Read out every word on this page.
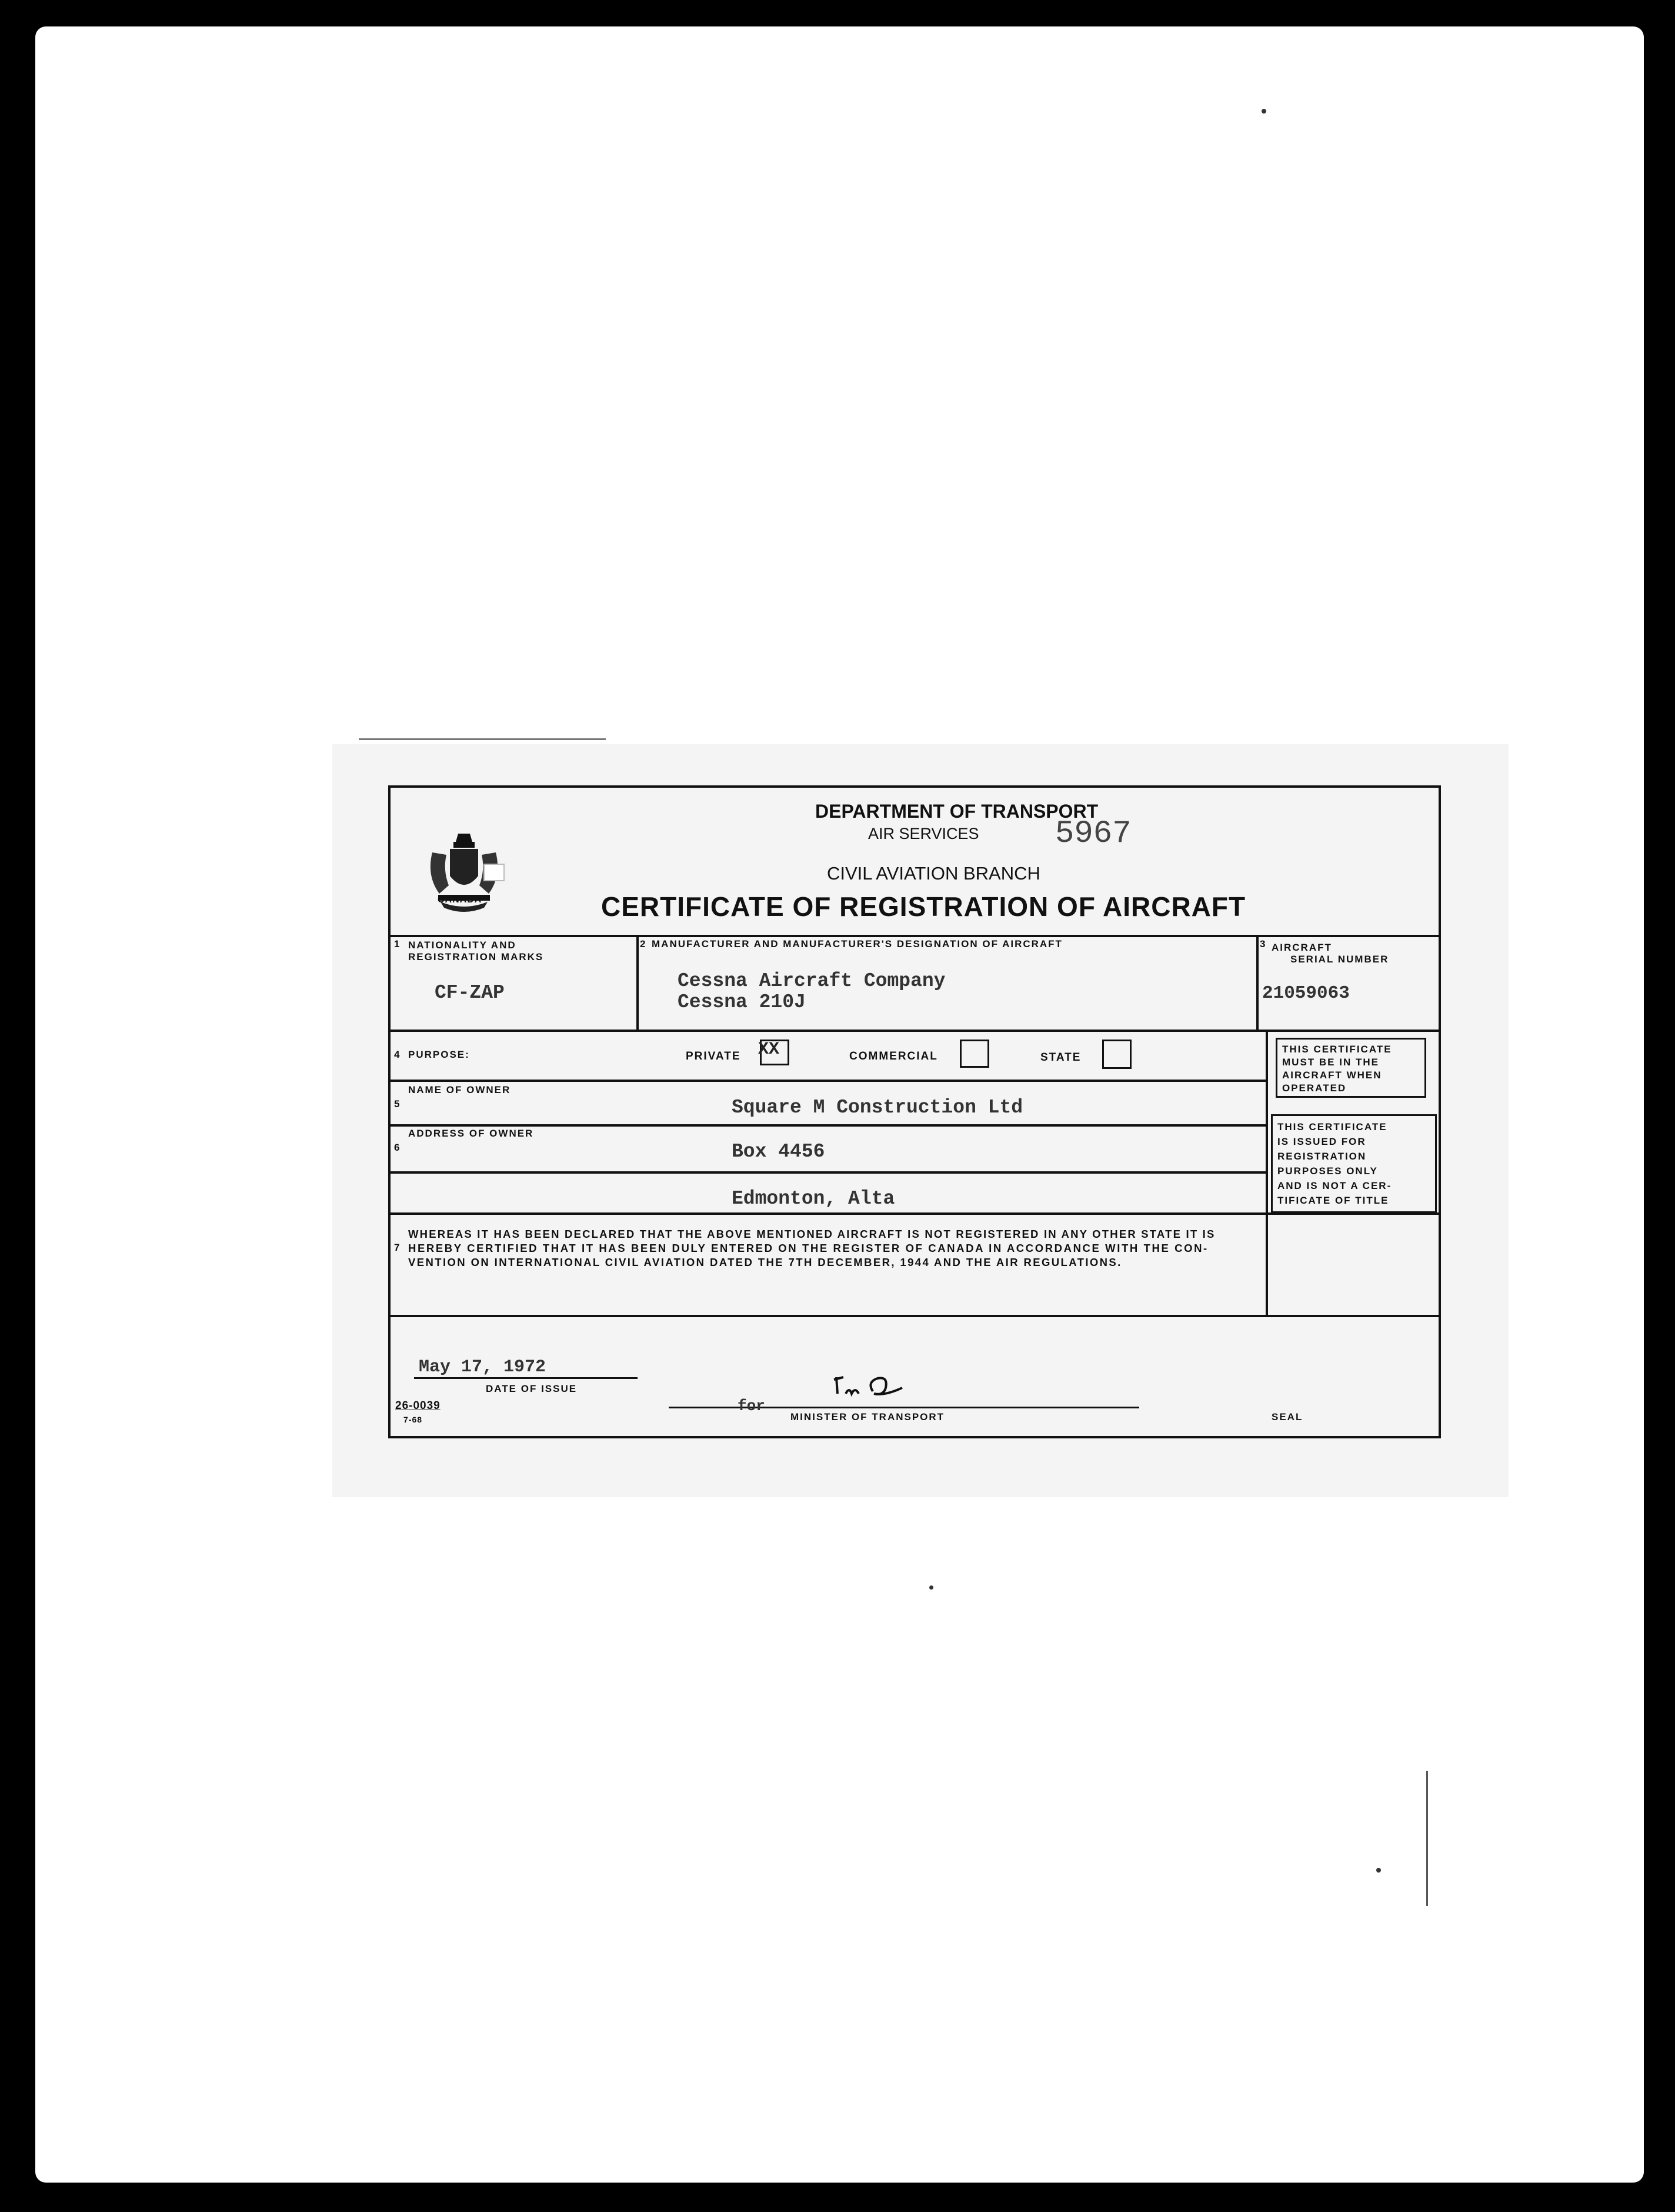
CANADA
DEPARTMENT OF TRANSPORT
AIR SERVICES 5967
CIVIL AVIATION BRANCH
CERTIFICATE OF REGISTRATION OF AIRCRAFT
1 NATIONALITY AND
REGISTRATION MARKS
CF-ZAP
2 MANUFACTURER AND MANUFACTURER'S DESIGNATION OF AIRCRAFT
Cessna Aircraft Company
Cessna 210J
3 AIRCRAFT
SERIAL NUMBER
21059063
4 PURPOSE:	PRIVATE XX	COMMERCIAL	STATE
THIS CERTIFICATE
MUST BE IN THE
AIRCRAFT WHEN
OPERATED
THIS CERTIFICATE
IS ISSUED FOR
REGISTRATION
PURPOSES ONLY
AND IS NOT A CER-
TIFICATE OF TITLE
NAME OF OWNER
5	Square M Construction Ltd
ADDRESS OF OWNER
6	Box 4456
Edmonton, Alta
7
WHEREAS IT HAS BEEN DECLARED THAT THE ABOVE MENTIONED AIRCRAFT IS NOT REGISTERED IN ANY OTHER STATE IT IS
HEREBY CERTIFIED THAT IT HAS BEEN DULY ENTERED ON THE REGISTER OF CANADA IN ACCORDANCE WITH THE CON-
VENTION ON INTERNATIONAL CIVIL AVIATION DATED THE 7TH DECEMBER, 1944 AND THE AIR REGULATIONS.
May 17, 1972
DATE OF ISSUE
for
MINISTER OF TRANSPORT	SEAL
26-0039
7-68
